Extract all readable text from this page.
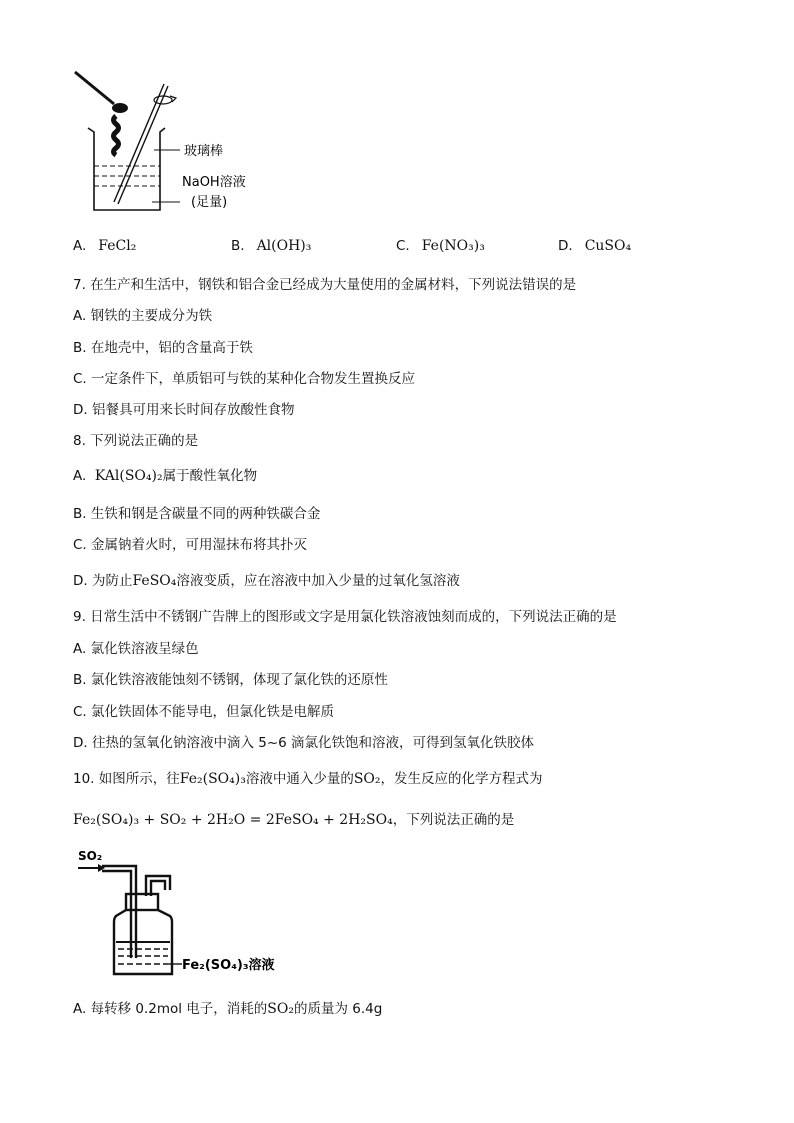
玻璃棒
NaOH溶液
(足量)
A. FeCl₂	B. Al(OH)₃	C. Fe(NO₃)₃	D. CuSO₄
7. 在生产和生活中，钢铁和铝合金已经成为大量使用的金属材料，下列说法错误的是
A. 钢铁的主要成分为铁
B. 在地壳中，铝的含量高于铁
C. 一定条件下，单质铝可与铁的某种化合物发生置换反应
D. 铝餐具可用来长时间存放酸性食物
8. 下列说法正确的是
A. KAl(SO₄)₂属于酸性氧化物
B. 生铁和钢是含碳量不同的两种铁碳合金
C. 金属钠着火时，可用湿抹布将其扑灭
D. 为防止FeSO₄溶液变质，应在溶液中加入少量的过氧化氢溶液
9. 日常生活中不锈钢广告牌上的图形或文字是用氯化铁溶液蚀刻而成的，下列说法正确的是
A. 氯化铁溶液呈绿色
B. 氯化铁溶液能蚀刻不锈钢，体现了氯化铁的还原性
C. 氯化铁固体不能导电，但氯化铁是电解质
D. 往热的氢氧化钠溶液中滴入 5~6 滴氯化铁饱和溶液，可得到氢氧化铁胶体
10. 如图所示，往Fe₂(SO₄)₃溶液中通入少量的SO₂，发生反应的化学方程式为
Fe₂(SO₄)₃ + SO₂ + 2H₂O = 2FeSO₄ + 2H₂SO₄，下列说法正确的是
SO₂
Fe₂(SO₄)₃溶液
A. 每转移 0.2mol 电子，消耗的SO₂的质量为 6.4g
